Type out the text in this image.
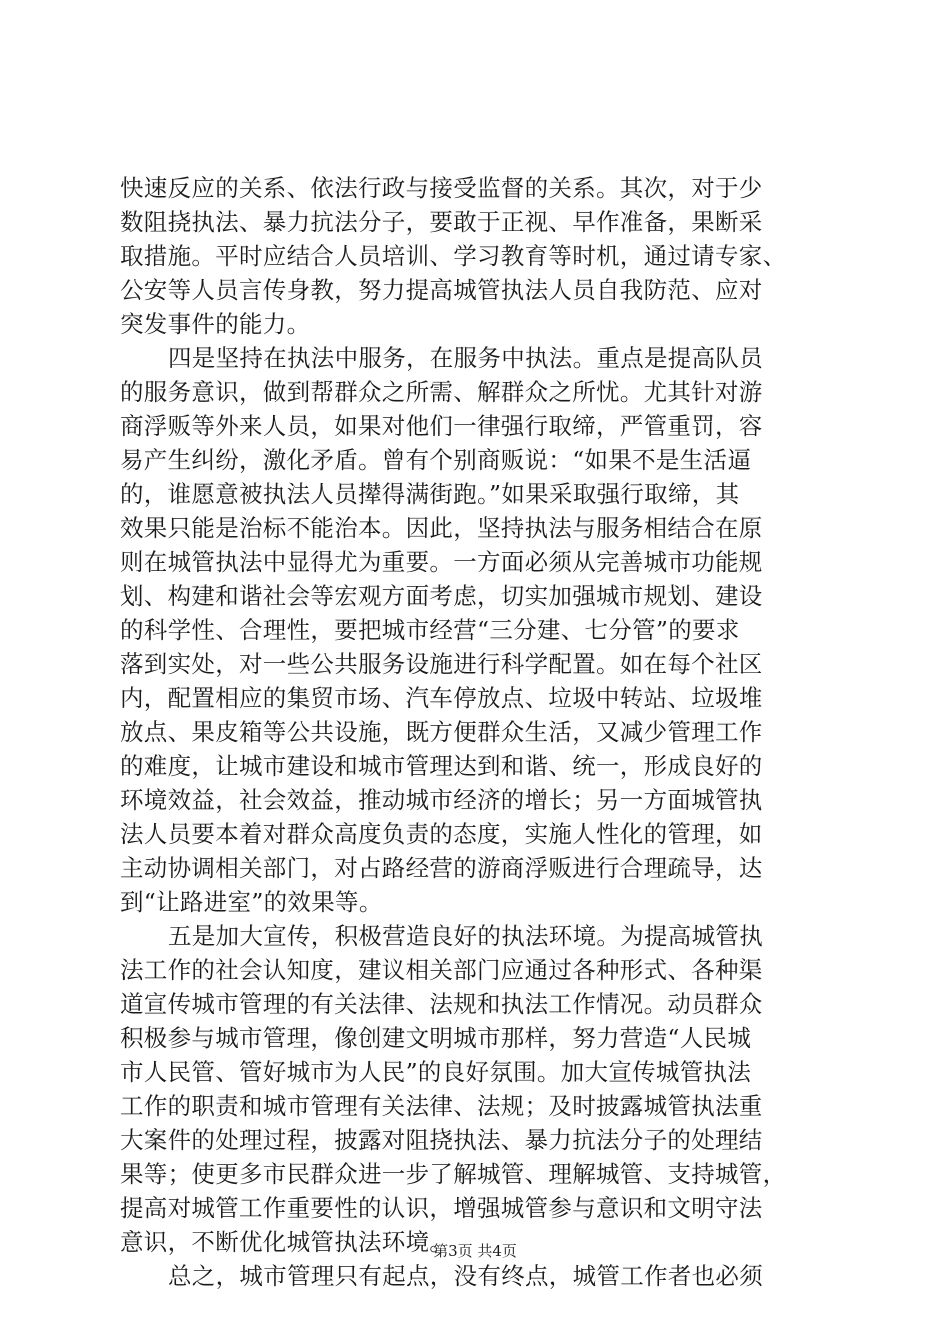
快速反应的关系、依法行政与接受监督的关系。其次，对于少
数阻挠执法、暴力抗法分子，要敢于正视、早作准备，果断采
取措施。平时应结合人员培训、学习教育等时机，通过请专家、
公安等人员言传身教，努力提高城管执法人员自我防范、应对
突发事件的能力。
四是坚持在执法中服务，在服务中执法。重点是提高队员
的服务意识，做到帮群众之所需、解群众之所忧。尤其针对游
商浮贩等外来人员，如果对他们一律强行取缔，严管重罚，容
易产生纠纷，激化矛盾。曾有个别商贩说：“如果不是生活逼
的，谁愿意被执法人员撵得满街跑。”如果采取强行取缔，其
效果只能是治标不能治本。因此，坚持执法与服务相结合在原
则在城管执法中显得尤为重要。一方面必须从完善城市功能规
划、构建和谐社会等宏观方面考虑，切实加强城市规划、建设
的科学性、合理性，要把城市经营“三分建、七分管”的要求
落到实处，对一些公共服务设施进行科学配置。如在每个社区
内，配置相应的集贸市场、汽车停放点、垃圾中转站、垃圾堆
放点、果皮箱等公共设施，既方便群众生活，又减少管理工作
的难度，让城市建设和城市管理达到和谐、统一，形成良好的
环境效益，社会效益，推动城市经济的增长；另一方面城管执
法人员要本着对群众高度负责的态度，实施人性化的管理，如
主动协调相关部门，对占路经营的游商浮贩进行合理疏导，达
到“让路进室”的效果等。
五是加大宣传，积极营造良好的执法环境。为提高城管执
法工作的社会认知度，建议相关部门应通过各种形式、各种渠
道宣传城市管理的有关法律、法规和执法工作情况。动员群众
积极参与城市管理，像创建文明城市那样，努力营造“人民城
市人民管、管好城市为人民”的良好氛围。加大宣传城管执法
工作的职责和城市管理有关法律、法规；及时披露城管执法重
大案件的处理过程，披露对阻挠执法、暴力抗法分子的处理结
果等；使更多市民群众进一步了解城管、理解城管、支持城管，
提高对城管工作重要性的认识，增强城管参与意识和文明守法
意识，不断优化城管执法环境。
总之，城市管理只有起点，没有终点，城管工作者也必须
第3页 共4页
